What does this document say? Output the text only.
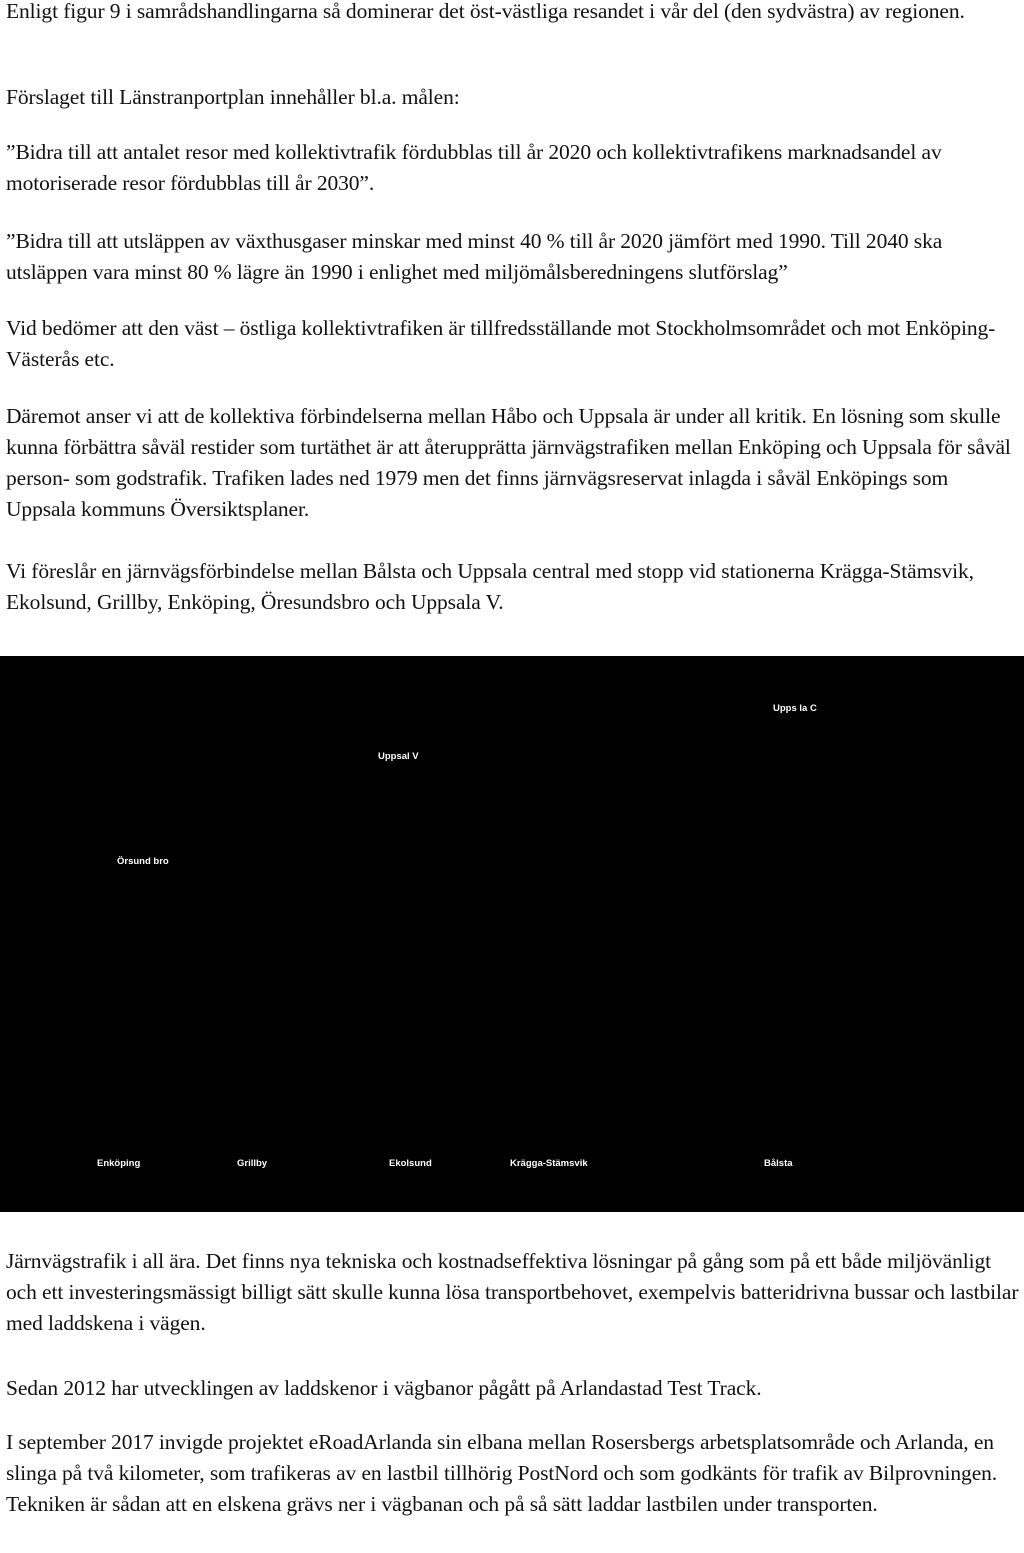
Enligt figur 9 i samrådshandlingarna så dominerar det öst-västliga resandet i vår del (den sydvästra) av regionen.

Förslaget till Länstranportplan innehåller bl.a. målen:

”Bidra till att antalet resor med kollektivtrafik fördubblas till år 2020 och kollektivtrafikens marknadsandel av motoriserade resor fördubblas till år 2030”.

”Bidra till att utsläppen av växthusgaser minskar med minst 40 % till år 2020 jämfört med 1990. Till 2040 ska utsläppen vara minst 80 % lägre än 1990 i enlighet med miljömålsberedningens slutförslag”

Vid bedömer att den väst – östliga kollektivtrafiken är tillfredsställande mot Stockholmsområdet och mot Enköping-Västerås etc.

Däremot anser vi att de kollektiva förbindelserna mellan Håbo och Uppsala är under all kritik. En lösning som skulle kunna förbättra såväl restider som turtäthet är att återupprätta järnvägstrafiken mellan Enköping och Uppsala för såväl person- som godstrafik. Trafiken lades ned 1979 men det finns järnvägsreservat inlagda i såväl Enköpings som Uppsala kommuns Översiktsplaner.

Vi föreslår en järnvägsförbindelse mellan Bålsta och Uppsala central med stopp vid stationerna Krägga-Stämsvik, Ekolsund, Grillby, Enköping, Öresundsbro och Uppsala V.

Upps la C
Uppsal V
Örsund bro
Enköping	Grillby	Ekolsund	Krägga-Stämsvik	Bålsta

Järnvägstrafik i all ära. Det finns nya tekniska och kostnadseffektiva lösningar på gång som på ett både miljövänligt och ett investeringsmässigt billigt sätt skulle kunna lösa transportbehovet, exempelvis batteridrivna bussar och lastbilar med laddskena i vägen.

Sedan 2012 har utvecklingen av laddskenor i vägbanor pågått på Arlandastad Test Track.

I september 2017 invigde projektet eRoadArlanda sin elbana mellan Rosersbergs arbetsplatsområde och Arlanda, en slinga på två kilometer, som trafikeras av en lastbil tillhörig PostNord och som godkänts för trafik av Bilprovningen. Tekniken är sådan att en elskena grävs ner i vägbanan och på så sätt laddar lastbilen under transporten.
